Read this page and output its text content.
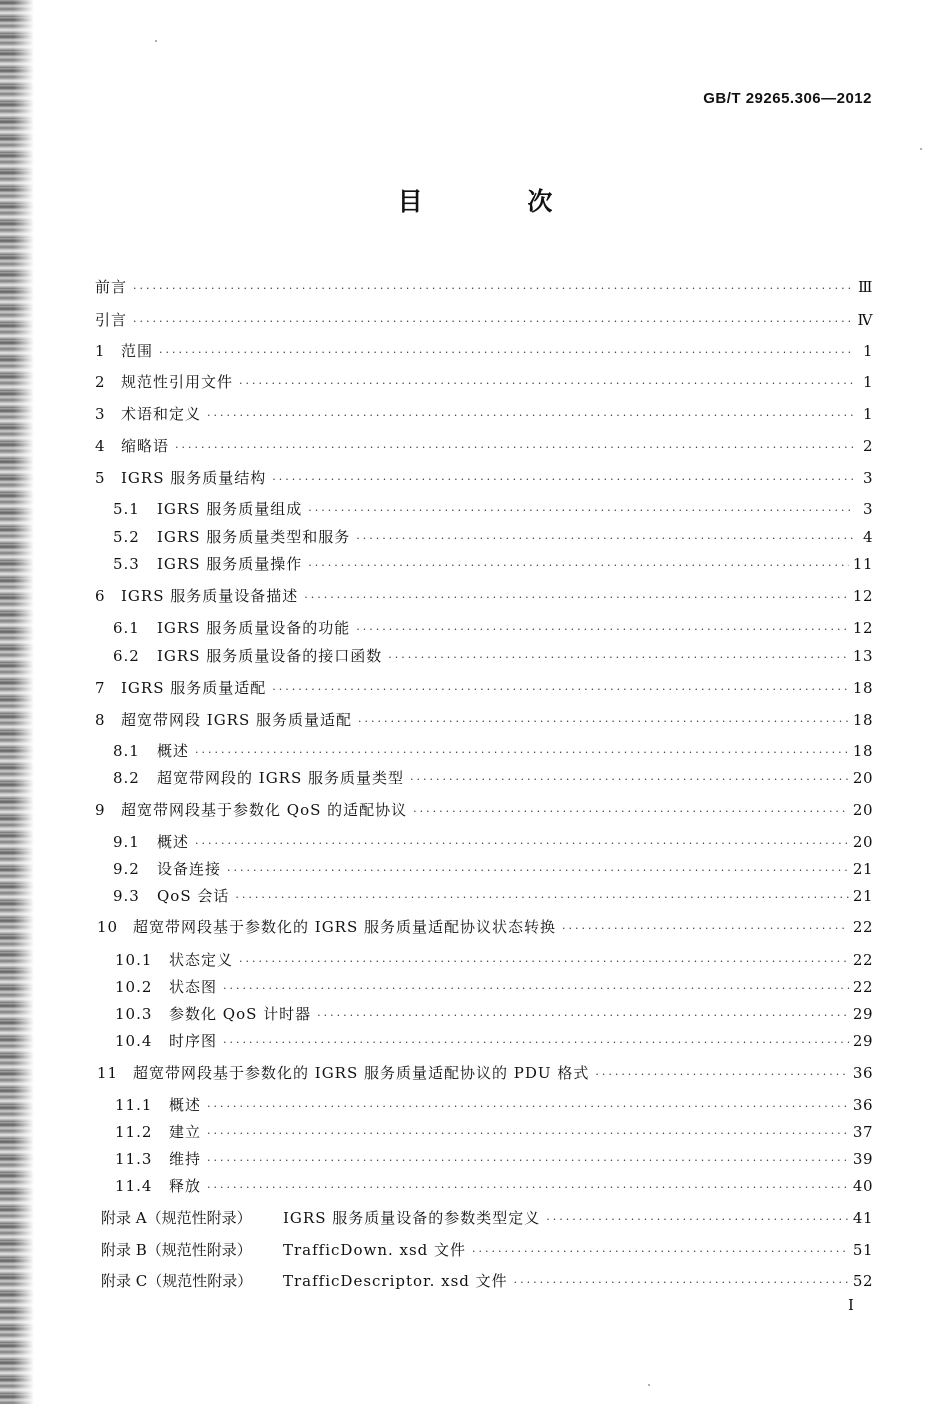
GB/T 29265.306—2012
目 次
前言 ·····	Ⅲ
引言 ·····	Ⅳ
1	范围 ·····	1
2	规范性引用文件 ·····	1
3	术语和定义 ·····	1
4	缩略语 ·····	2
5	IGRS 服务质量结构 ·····	3
5.1	IGRS 服务质量组成 ·····	3
5.2	IGRS 服务质量类型和服务 ·····	4
5.3	IGRS 服务质量操作 ·····	11
6	IGRS 服务质量设备描述 ·····	12
6.1	IGRS 服务质量设备的功能 ·····	12
6.2	IGRS 服务质量设备的接口函数 ·····	13
7	IGRS 服务质量适配 ·····	18
8	超宽带网段 IGRS 服务质量适配 ·····	18
8.1	概述 ·····	18
8.2	超宽带网段的 IGRS 服务质量类型 ·····	20
9	超宽带网段基于参数化 QoS 的适配协议 ·····	20
9.1	概述 ·····	20
9.2	设备连接 ·····	21
9.3	QoS 会话 ·····	21
10 超宽带网段基于参数化的 IGRS 服务质量适配协议状态转换 ·····	22
10.1	状态定义 ·····	22
10.2	状态图 ·····	22
10.3	参数化 QoS 计时器 ·····	29
10.4	时序图 ·····	29
11 超宽带网段基于参数化的 IGRS 服务质量适配协议的 PDU 格式 ·····	36
11.1	概述 ·····	36
11.2	建立 ·····	37
11.3	维持 ·····	39
11.4	释放 ·····	40
附录 A（规范性附录）	IGRS 服务质量设备的参数类型定义 ·····	41
附录 B（规范性附录）	TrafficDown. xsd 文件 ·····	51
附录 C（规范性附录）	TrafficDescriptor. xsd 文件 ·····	52
I
